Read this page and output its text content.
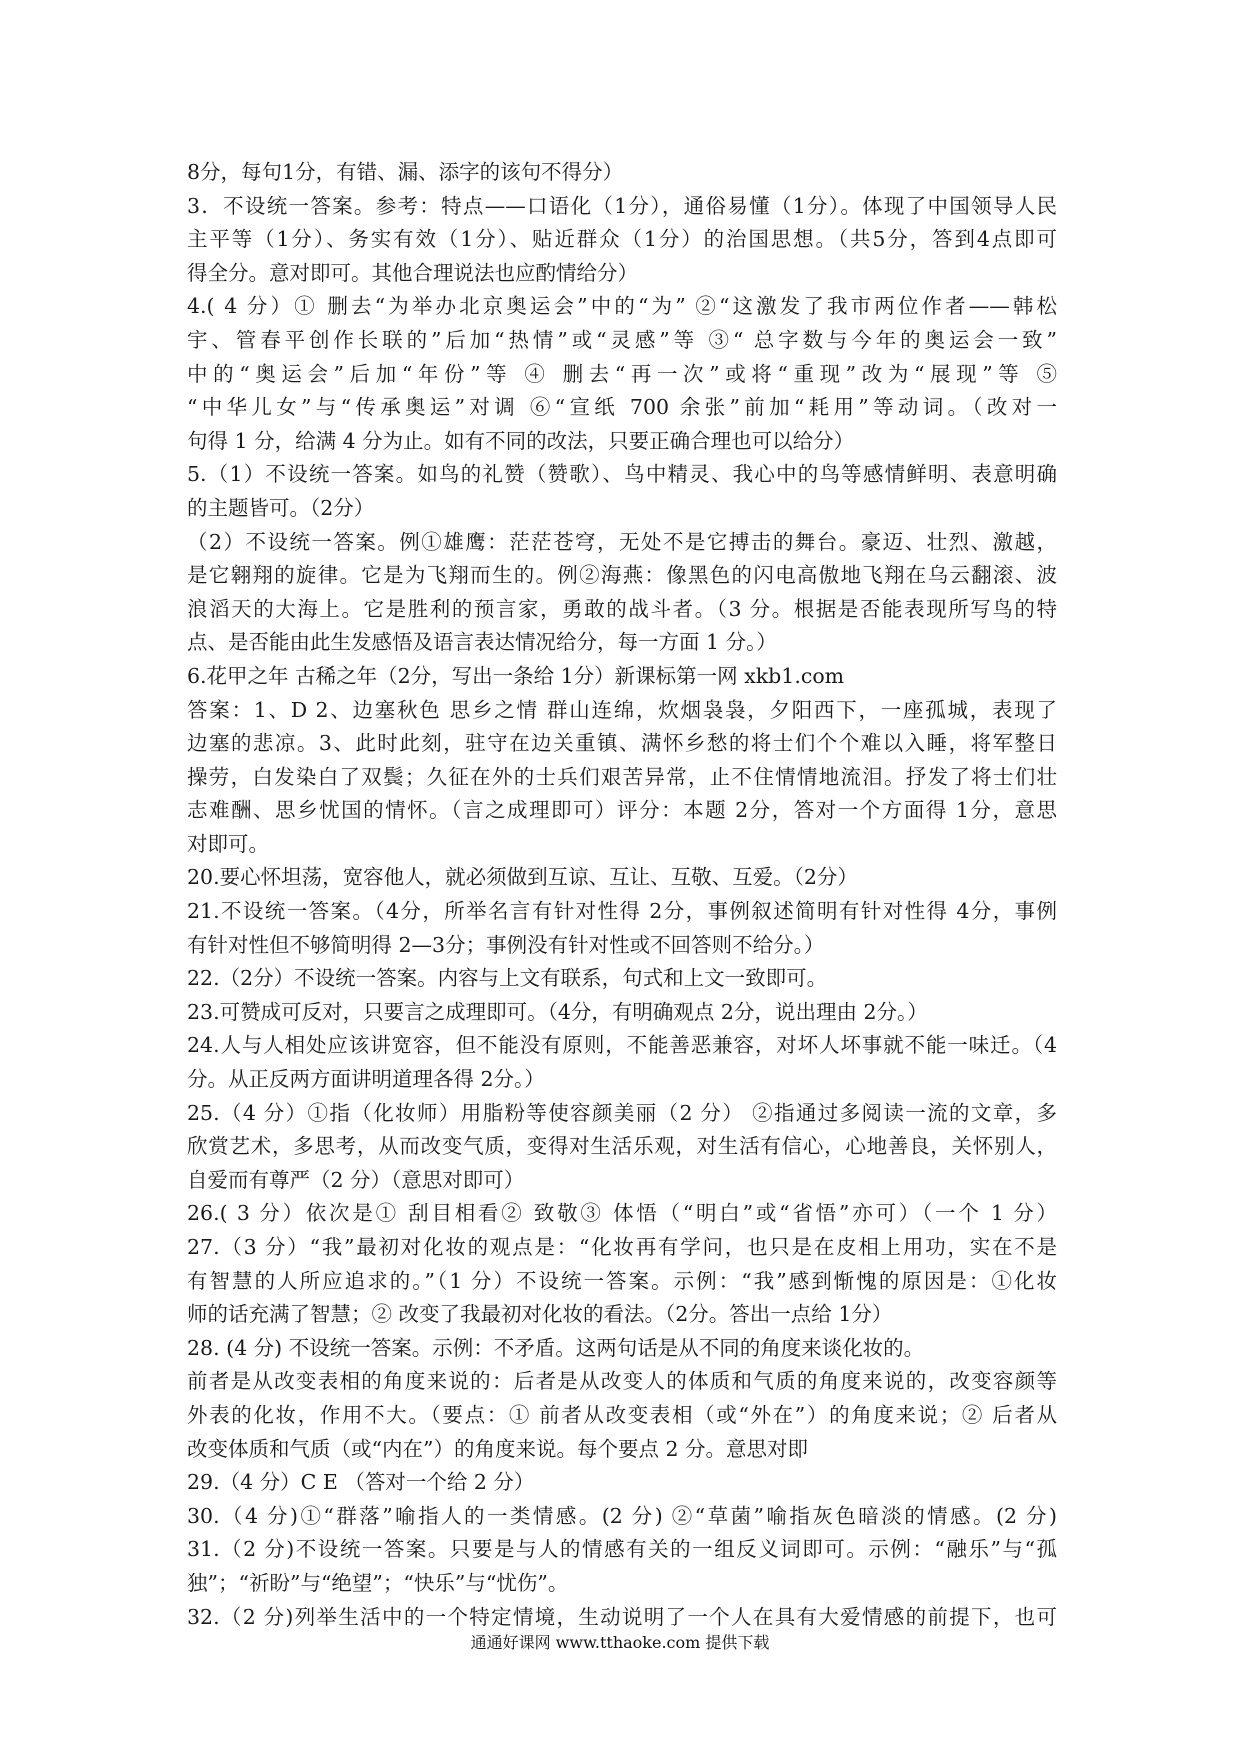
8分，每句1分，有错、漏、添字的该句不得分）
3．不设统一答案。参考：特点——口语化（1分），通俗易懂（1分）。体现了中国领导人民
主平等（1分）、务实有效（1分）、贴近群众（1分）的治国思想。（共5分，答到4点即可
得全分。意对即可。其他合理说法也应酌情给分）
4.( 4 分）① 删去“为举办北京奥运会”中的“为” ②“这激发了我市两位作者——韩松
宇、管春平创作长联的”后加“热情”或“灵感”等 ③“ 总字数与今年的奥运会一致”
中的“奥运会”后加“年份”等 ④ 删去“再一次”或将“重现”改为“展现”等 ⑤
“中华儿女”与“传承奥运”对调 ⑥“宣纸 700 余张”前加“耗用”等动词。（改对一
句得 1 分，给满 4 分为止。如有不同的改法，只要正确合理也可以给分）
5.（1）不设统一答案。如鸟的礼赞（赞歌）、鸟中精灵、我心中的鸟等感情鲜明、表意明确
的主题皆可。（2分）
（2）不设统一答案。例①雄鹰：茫茫苍穹，无处不是它搏击的舞台。豪迈、壮烈、激越，
是它翱翔的旋律。它是为飞翔而生的。例②海燕：像黑色的闪电高傲地飞翔在乌云翻滚、波
浪滔天的大海上。它是胜利的预言家，勇敢的战斗者。（3 分。根据是否能表现所写鸟的特
点、是否能由此生发感悟及语言表达情况给分，每一方面 1 分。）
6.花甲之年 古稀之年（2分，写出一条给 1分）新课标第一网 xkb1.com
答案：1、D 2、边塞秋色 思乡之情 群山连绵，炊烟袅袅，夕阳西下，一座孤城，表现了
边塞的悲凉。3、此时此刻，驻守在边关重镇、满怀乡愁的将士们个个难以入睡，将军整日
操劳，白发染白了双鬓；久征在外的士兵们艰苦异常，止不住情情地流泪。抒发了将士们壮
志难酬、思乡忧国的情怀。（言之成理即可）评分：本题 2分，答对一个方面得 1分，意思
对即可。
20.要心怀坦荡，宽容他人，就必须做到互谅、互让、互敬、互爱。（2分）
21.不设统一答案。（4分，所举名言有针对性得 2分，事例叙述简明有针对性得 4分，事例
有针对性但不够简明得 2—3分；事例没有针对性或不回答则不给分。）
22.（2分）不设统一答案。内容与上文有联系，句式和上文一致即可。
23.可赞成可反对，只要言之成理即可。（4分，有明确观点 2分，说出理由 2分。）
24.人与人相处应该讲宽容，但不能没有原则，不能善恶兼容，对坏人坏事就不能一味迁。（4
分。从正反两方面讲明道理各得 2分。）
25.（4 分）①指（化妆师）用脂粉等使容颜美丽（2 分） ②指通过多阅读一流的文章，多
欣赏艺术，多思考，从而改变气质，变得对生活乐观，对生活有信心，心地善良，关怀别人，
自爱而有尊严（2 分）（意思对即可）
26.( 3 分）依次是① 刮目相看② 致敬③ 体悟（“明白”或“省悟”亦可）（一个 1 分）
27.（3 分）“我”最初对化妆的观点是：“化妆再有学问，也只是在皮相上用功，实在不是
有智慧的人所应追求的。”（1 分）不设统一答案。示例：“我”感到惭愧的原因是：①化妆
师的话充满了智慧；② 改变了我最初对化妆的看法。（2分。答出一点给 1分）
28. (4 分) 不设统一答案。示例：不矛盾。这两句话是从不同的角度来谈化妆的。
前者是从改变表相的角度来说的：后者是从改变人的体质和气质的角度来说的，改变容颜等
外表的化妆，作用不大。（要点：① 前者从改变表相（或“外在”）的角度来说；② 后者从
改变体质和气质（或“内在”）的角度来说。每个要点 2 分。意思对即
29.（4 分）C E （答对一个给 2 分）
30.（4 分)①“群落”喻指人的一类情感。(2 分) ②“草菌”喻指灰色暗淡的情感。(2 分)
31.（2 分)不设统一答案。只要是与人的情感有关的一组反义词即可。示例：“融乐”与“孤
独”；“祈盼”与“绝望”；“快乐”与“忧伤”。
32.（2 分)列举生活中的一个特定情境，生动说明了一个人在具有大爱情感的前提下，也可
通通好课网 www.tthaoke.com 提供下载
